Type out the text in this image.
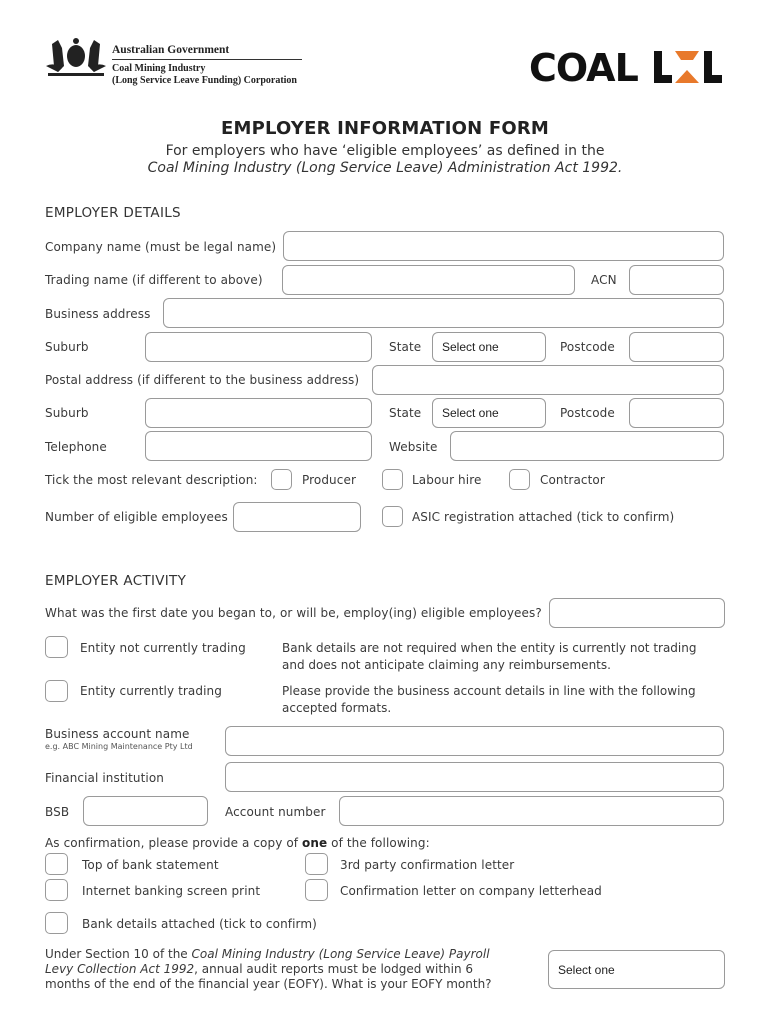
Australian Government
Coal Mining Industry
(Long Service Leave Funding) Corporation	COAL
EMPLOYER INFORMATION FORM
For employers who have ‘eligible employees’ as defined in the
Coal Mining Industry (Long Service Leave) Administration Act 1992.
EMPLOYER DETAILS
Company name (must be legal name)
Trading name (if different to above)	ACN
Business address
Suburb	State	Select one	Postcode
Postal address (if different to the business address)
Suburb	State	Select one	Postcode
Telephone	Website
Tick the most relevant description:	Producer	Labour hire	Contractor
Number of eligible employees	ASIC registration attached (tick to confirm)
EMPLOYER ACTIVITY
What was the first date you began to, or will be, employ(ing) eligible employees?
Entity not currently trading	Bank details are not required when the entity is currently not trading and does not anticipate claiming any reimbursements.
Entity currently trading	Please provide the business account details in line with the following accepted formats.
Business account name
e.g. ABC Mining Maintenance Pty Ltd
Financial institution
BSB	Account number
As confirmation, please provide a copy of one of the following:
Top of bank statement	3rd party confirmation letter
Internet banking screen print	Confirmation letter on company letterhead
Bank details attached (tick to confirm)
Under Section 10 of the Coal Mining Industry (Long Service Leave) Payroll Levy Collection Act 1992, annual audit reports must be lodged within 6 months of the end of the financial year (EOFY). What is your EOFY month?
Select one
